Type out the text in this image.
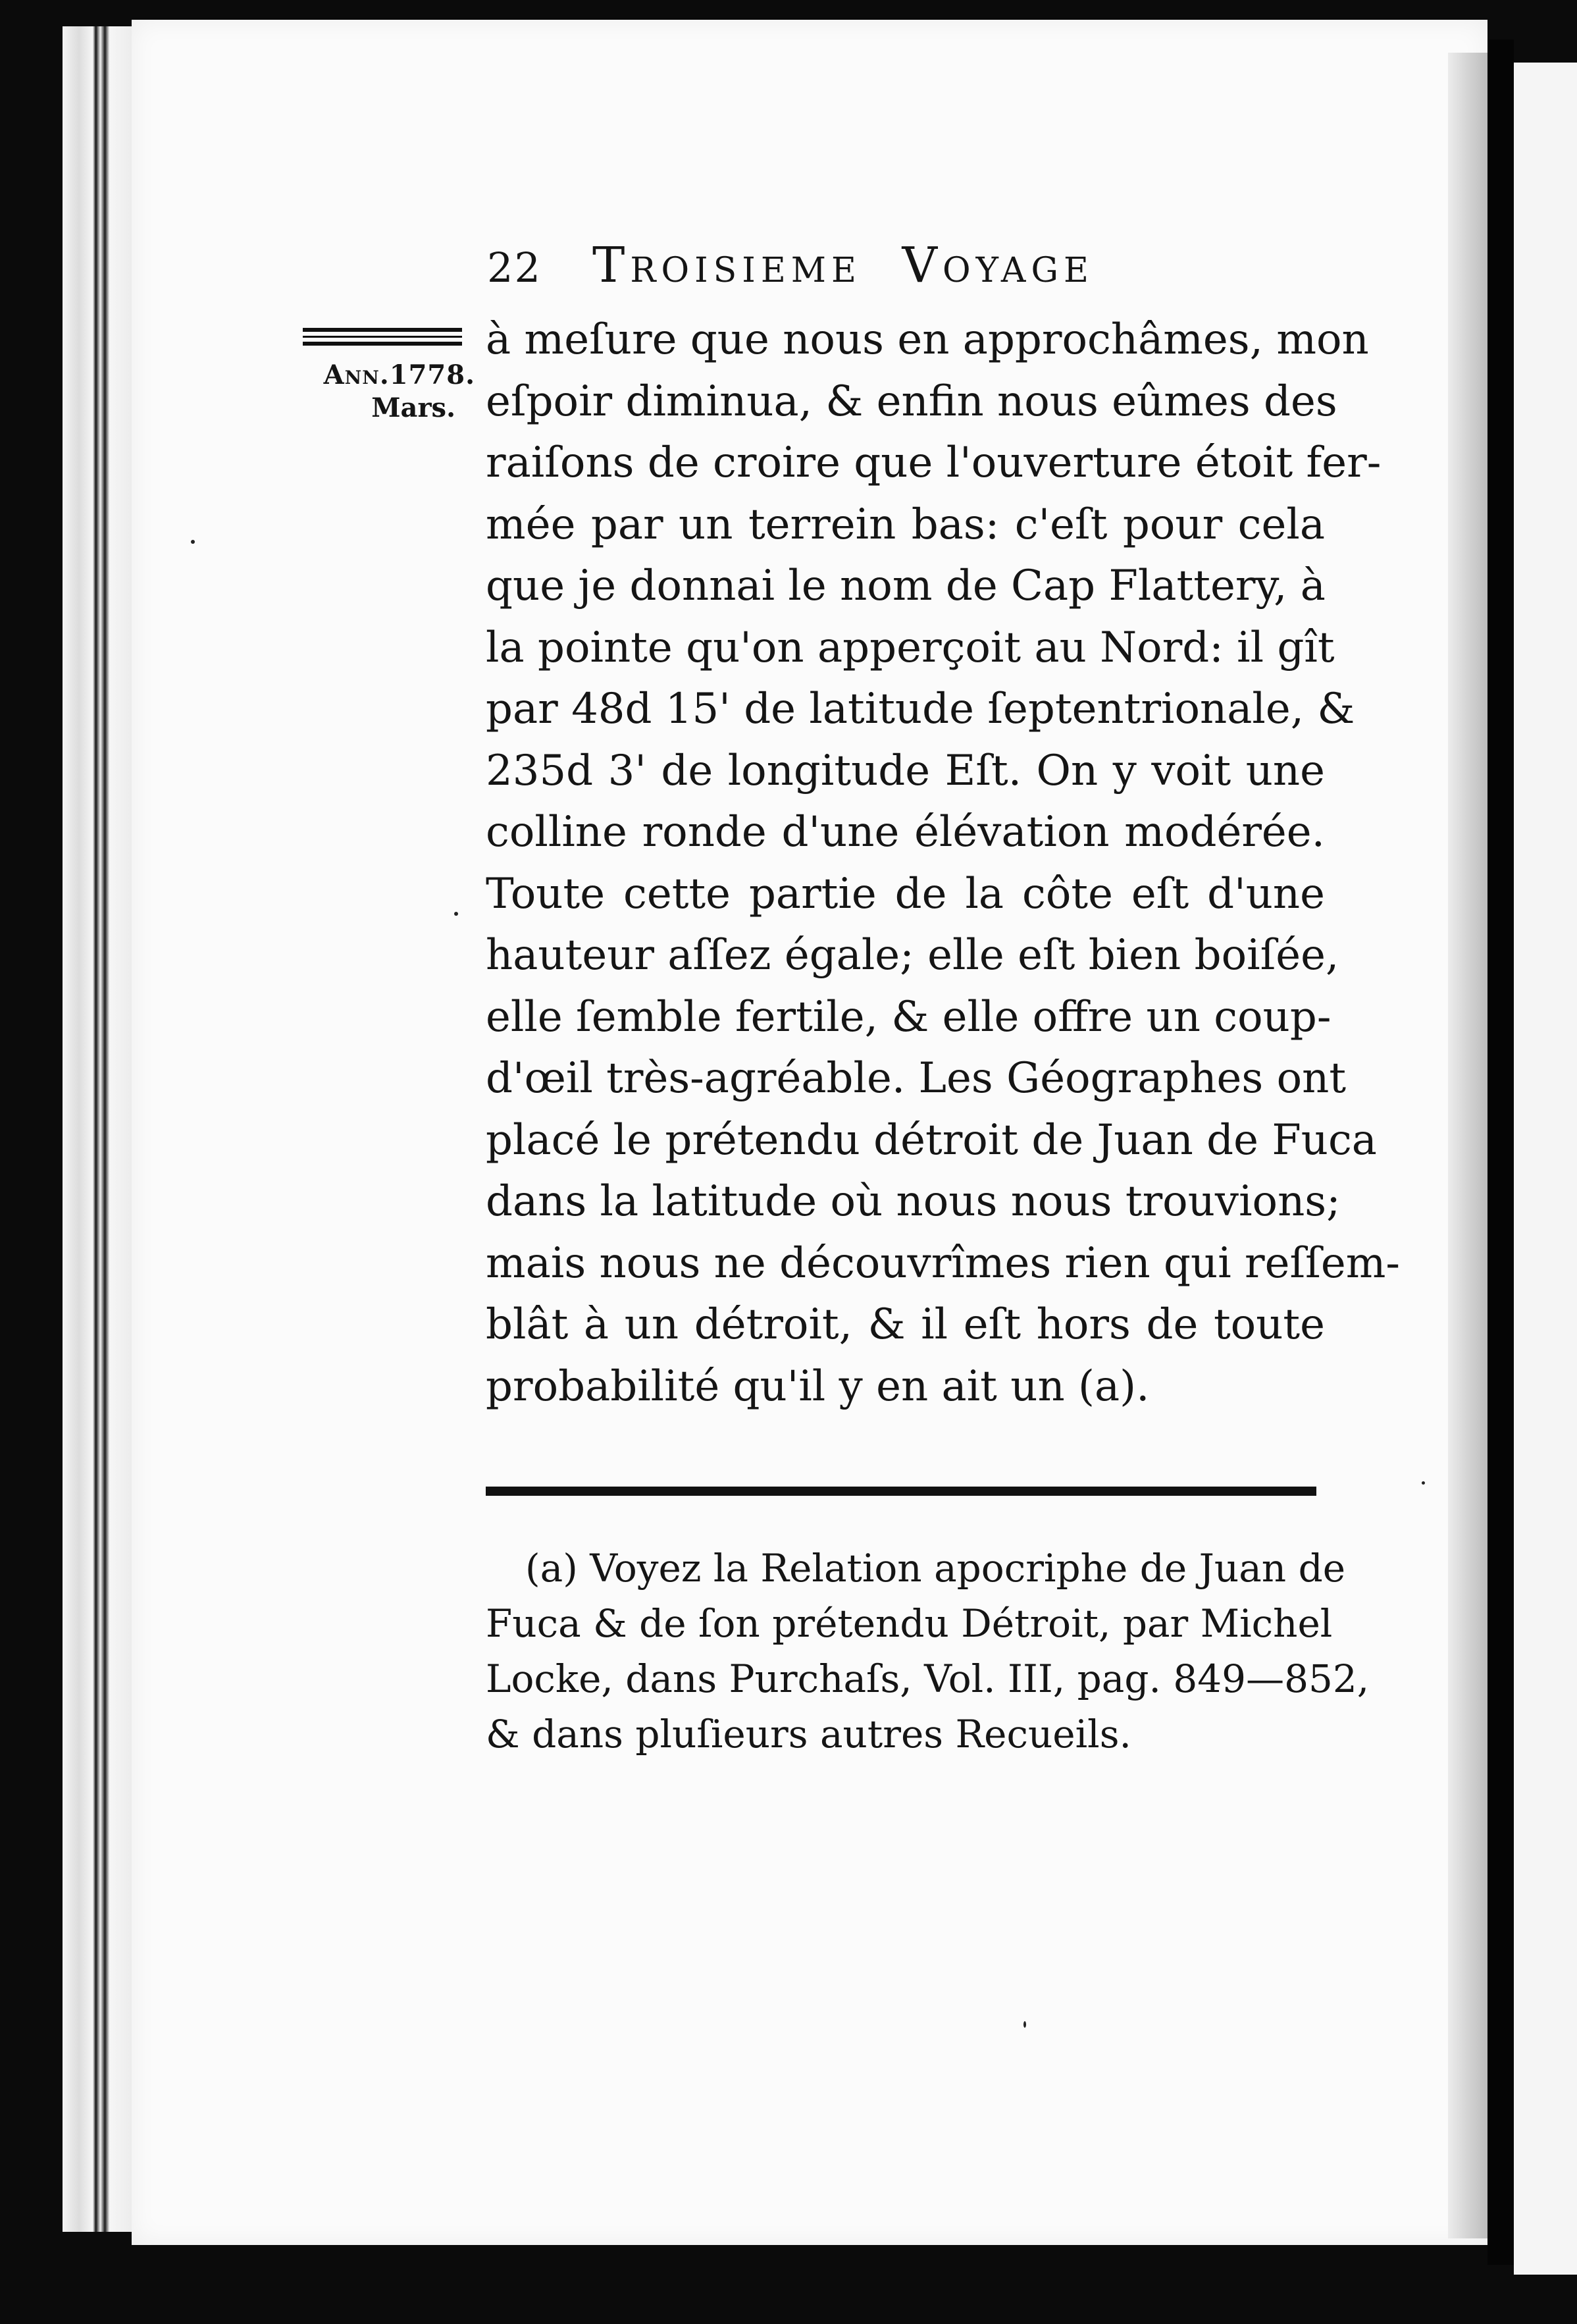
22	Troisieme Voyage
Ann.1778.
Mars.
à meſure que nous en approchâmes, mon
eſpoir diminua, & enfin nous eûmes des
raiſons de croire que l'ouverture étoit fer-
mée par un terrein bas: c'eſt pour cela
que je donnai le nom de Cap Flattery, à
la pointe qu'on apperçoit au Nord: il gît
par 48d 15' de latitude ſeptentrionale, &
235d 3' de longitude Eſt. On y voit une
colline ronde d'une élévation modérée.
Toute cette partie de la côte eſt d'une
hauteur aſſez égale; elle eſt bien boiſée,
elle ſemble fertile, & elle offre un coup-
d'œil très-agréable. Les Géographes ont
placé le prétendu détroit de Juan de Fuca
dans la latitude où nous nous trouvions;
mais nous ne découvrîmes rien qui reſſem-
blât à un détroit, & il eſt hors de toute
probabilité qu'il y en ait un (a).
(a) Voyez la Relation apocriphe de Juan de
Fuca & de ſon prétendu Détroit, par Michel
Locke, dans Purchaſs, Vol. III, pag. 849—852,
& dans pluſieurs autres Recueils.
